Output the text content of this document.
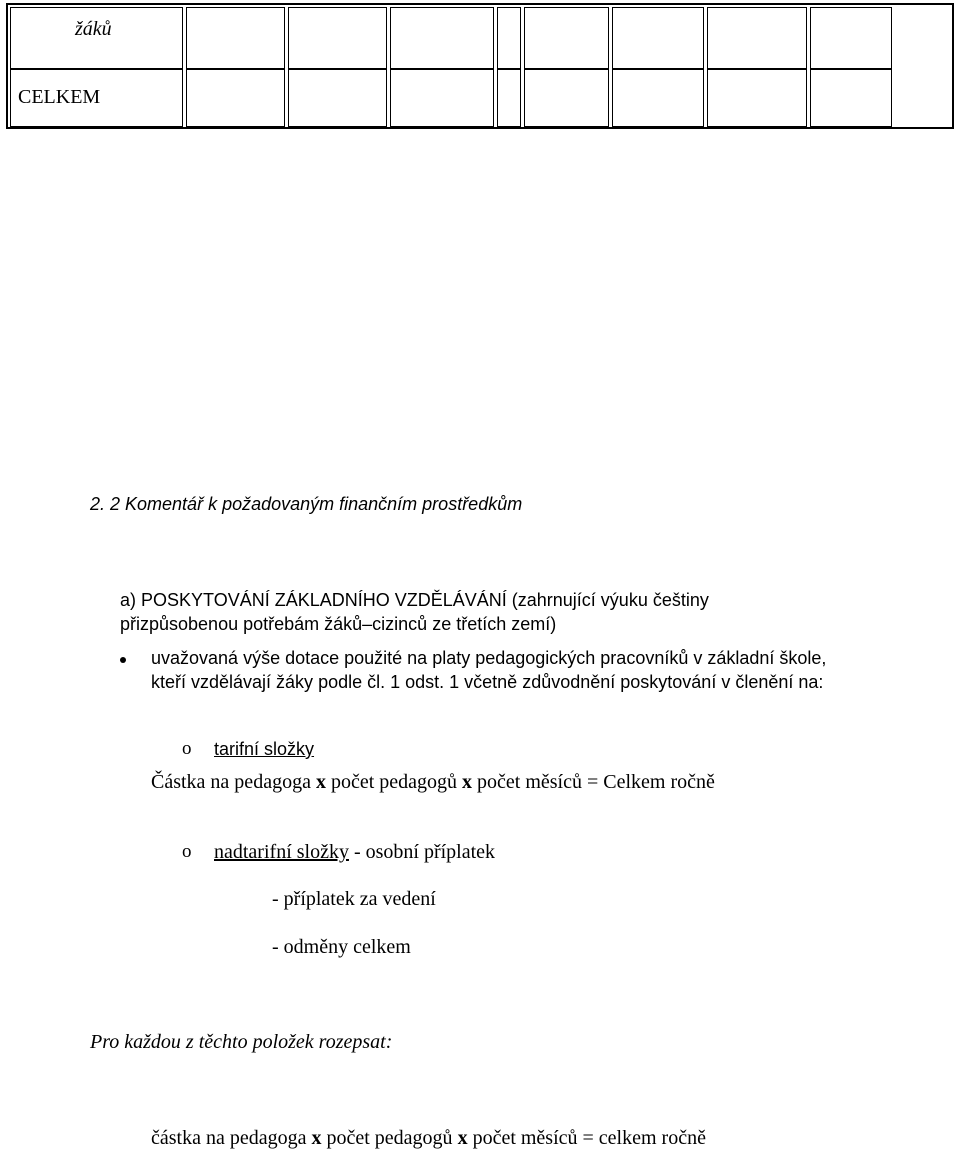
žáků
CELKEM
2. 2 Komentář k požadovaným finančním prostředkům
a) POSKYTOVÁNÍ ZÁKLADNÍHO VZDĚLÁVÁNÍ (zahrnující výuku češtiny
přizpůsobenou potřebám žáků–cizinců ze třetích zemí)
uvažovaná výše dotace použité na platy pedagogických pracovníků v základní škole,
kteří vzdělávají žáky podle čl. 1 odst. 1 včetně zdůvodnění poskytování v členění na:
o tarifní složky
Částka na pedagoga x počet pedagogů x počet měsíců = Celkem ročně
o nadtarifní složky - osobní příplatek
- příplatek za vedení
- odměny celkem
Pro každou z těchto položek rozepsat:
částka na pedagoga x počet pedagogů x počet měsíců = celkem ročně
